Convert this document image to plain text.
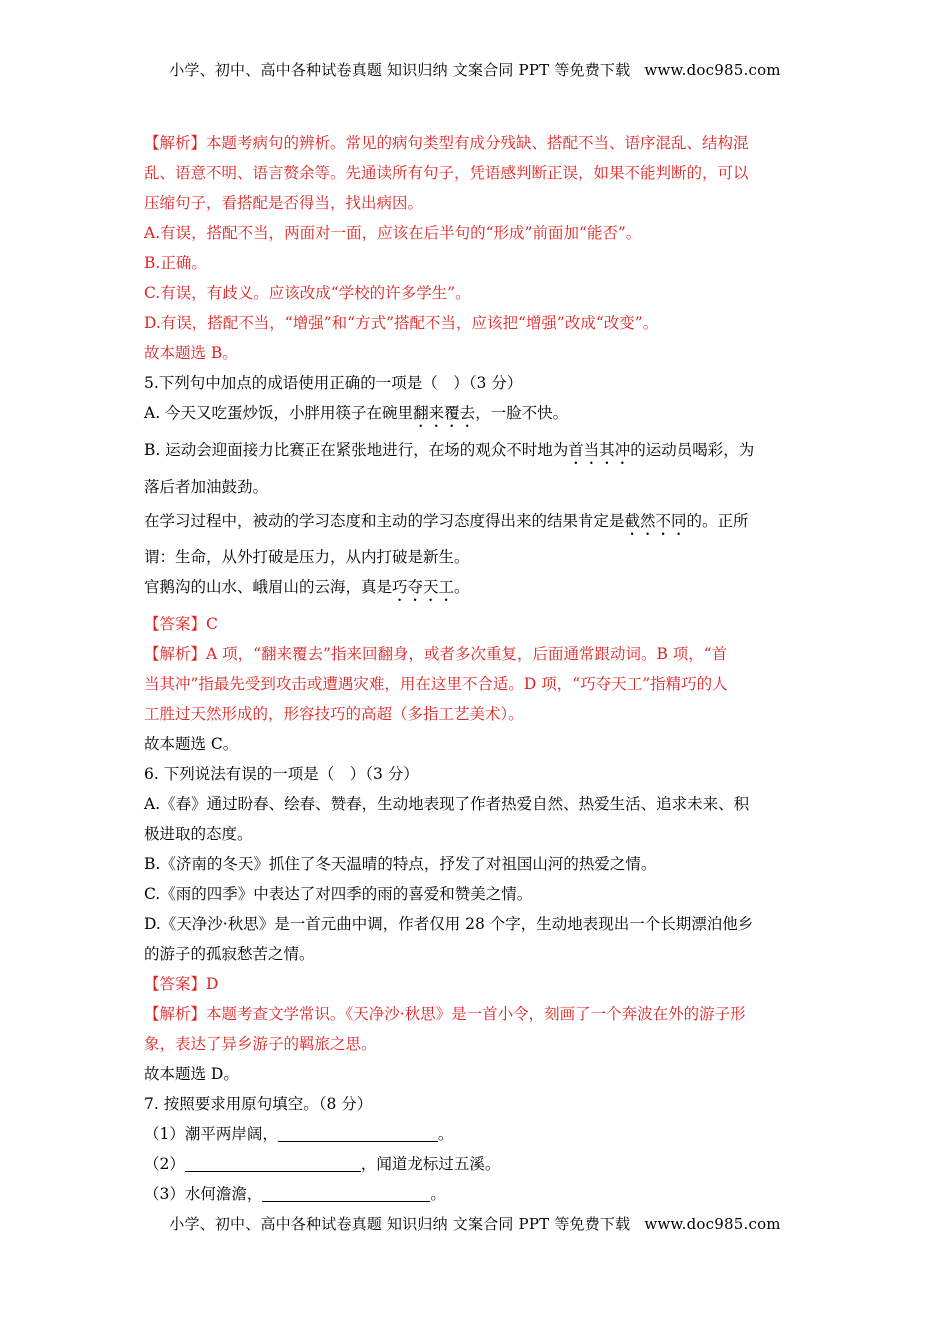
小学、初中、高中各种试卷真题 知识归纳 文案合同 PPT 等免费下载 www.doc985.com
【解析】本题考病句的辨析。常见的病句类型有成分残缺、搭配不当、语序混乱、结构混
乱、语意不明、语言赘余等。先通读所有句子，凭语感判断正误，如果不能判断的，可以
压缩句子，看搭配是否得当，找出病因。
A.有误，搭配不当，两面对一面，应该在后半句的“形成”前面加“能否”。
B.正确。
C.有误，有歧义。应该改成“学校的许多学生”。
D.有误，搭配不当，“增强”和“方式”搭配不当，应该把“增强”改成“改变”。
故本题选 B。
5.下列句中加点的成语使用正确的一项是（　）（3 分）
A. 今天又吃蛋炒饭，小胖用筷子在碗里翻来覆去，一脸不快。
B. 运动会迎面接力比赛正在紧张地进行，在场的观众不时地为首当其冲的运动员喝彩，为
落后者加油鼓劲。
在学习过程中，被动的学习态度和主动的学习态度得出来的结果肯定是截然不同的。正所
谓：生命，从外打破是压力，从内打破是新生。
官鹅沟的山水、峨眉山的云海，真是巧夺天工。
【答案】C
【解析】A 项，“翻来覆去”指来回翻身，或者多次重复，后面通常跟动词。B 项，“首
当其冲”指最先受到攻击或遭遇灾难，用在这里不合适。D 项，“巧夺天工”指精巧的人
工胜过天然形成的，形容技巧的高超（多指工艺美术）。
故本题选 C。
6. 下列说法有误的一项是（　）（3 分）
A.《春》通过盼春、绘春、赞春，生动地表现了作者热爱自然、热爱生活、追求未来、积
极进取的态度。
B.《济南的冬天》抓住了冬天温晴的特点，抒发了对祖国山河的热爱之情。
C.《雨的四季》中表达了对四季的雨的喜爱和赞美之情。
D.《天净沙·秋思》是一首元曲中调，作者仅用 28 个字，生动地表现出一个长期漂泊他乡
的游子的孤寂愁苦之情。
【答案】D
【解析】本题考查文学常识。《天净沙·秋思》是一首小令，刻画了一个奔波在外的游子形
象，表达了异乡游子的羁旅之思。
故本题选 D。
7. 按照要求用原句填空。（8 分）
（1）潮平两岸阔，	。
（2）	，闻道龙标过五溪。
（3）水何澹澹，	。
小学、初中、高中各种试卷真题 知识归纳 文案合同 PPT 等免费下载 www.doc985.com
